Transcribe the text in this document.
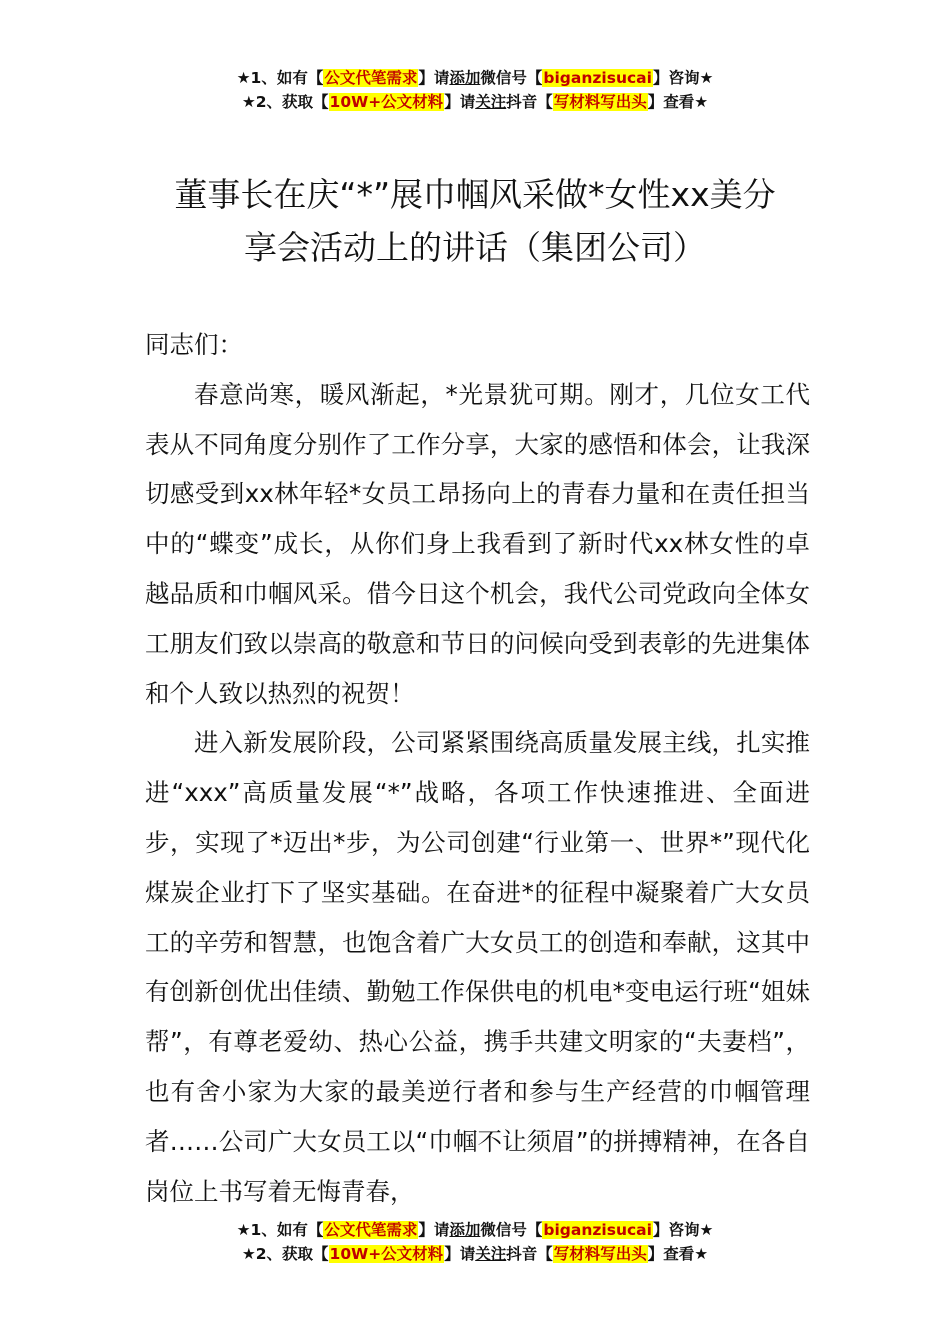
★1、如有【公文代笔需求】请添加微信号【biganzisucai】咨询★
★2、获取【10W+公文材料】请关注抖音【写材料写出头】查看★
董事长在庆“*”展巾帼风采做*女性xx美分
享会活动上的讲话（集团公司）

同志们：

春意尚寒，暖风渐起，*光景犹可期。刚才，几位女工代表从不同角度分别作了工作分享，大家的感悟和体会，让我深切感受到xx林年轻*女员工昂扬向上的青春力量和在责任担当中的“蝶变”成长，从你们身上我看到了新时代xx林女性的卓越品质和巾帼风采。借今日这个机会，我代公司党政向全体女工朋友们致以崇高的敬意和节日的问候向受到表彰的先进集体和个人致以热烈的祝贺！

进入新发展阶段，公司紧紧围绕高质量发展主线，扎实推进“xxx”高质量发展“*”战略，各项工作快速推进、全面进步，实现了*迈出*步，为公司创建“行业第一、世界*”现代化煤炭企业打下了坚实基础。在奋进*的征程中凝聚着广大女员工的辛劳和智慧，也饱含着广大女员工的创造和奉献，这其中有创新创优出佳绩、勤勉工作保供电的机电*变电运行班“姐妹帮”，有尊老爱幼、热心公益，携手共建文明家的“夫妻档”，也有舍小家为大家的最美逆行者和参与生产经营的巾帼管理者……公司广大女员工以“巾帼不让须眉”的拼搏精神，在各自岗位上书写着无悔青春，

★1、如有【公文代笔需求】请添加微信号【biganzisucai】咨询★
★2、获取【10W+公文材料】请关注抖音【写材料写出头】查看★
